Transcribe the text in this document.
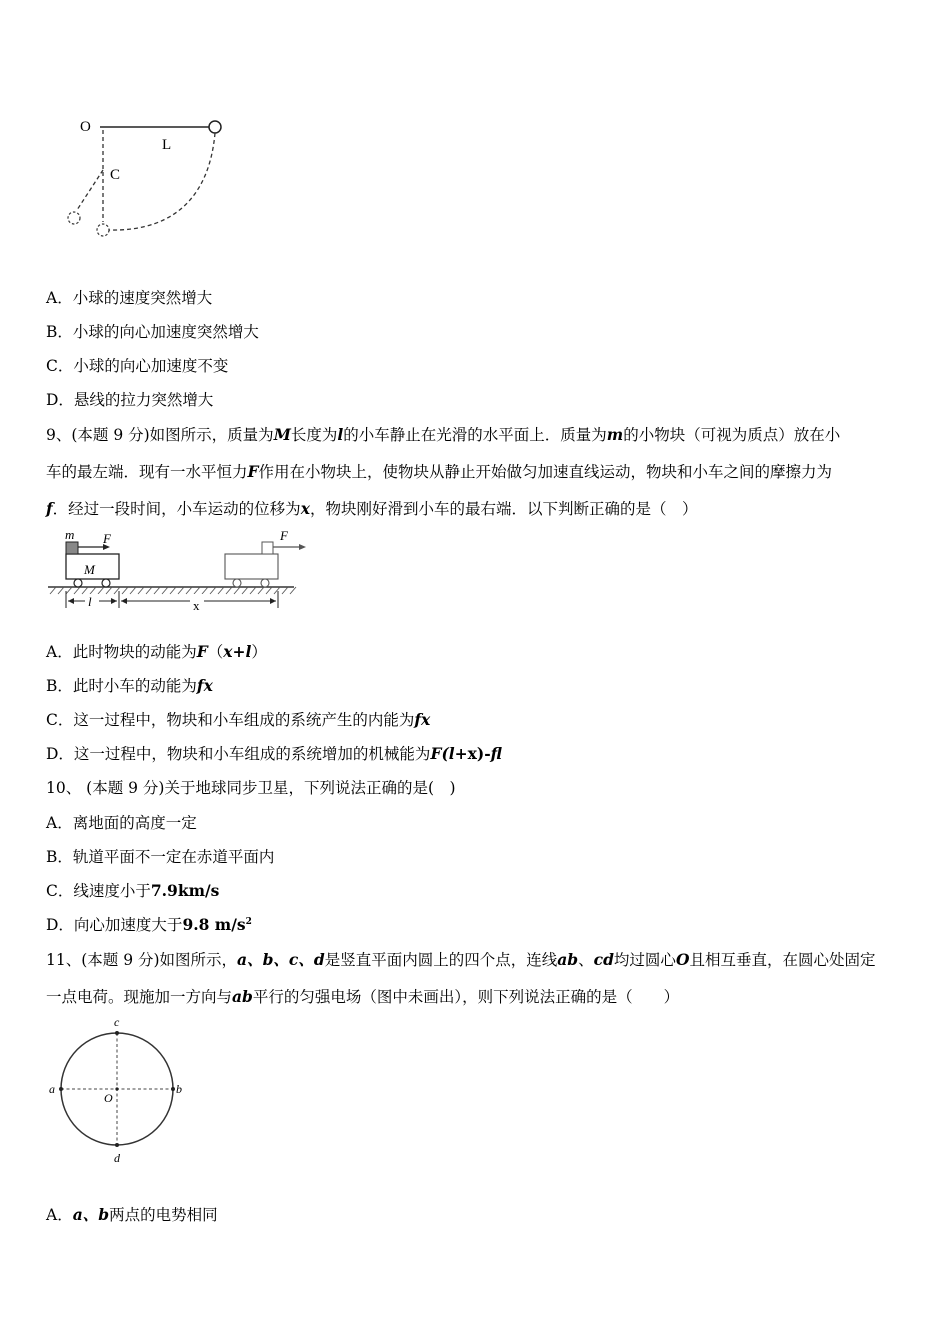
O
L
C
A．小球的速度突然增大
B．小球的向心加速度突然增大
C．小球的向心加速度不变
D．悬线的拉力突然增大
9、(本题 9 分)如图所示，质量为M长度为l的小车静止在光滑的水平面上．质量为m的小物块（可视为质点）放在小
车的最左端．现有一水平恒力F作用在小物块上，使物块从静止开始做匀加速直线运动，物块和小车之间的摩擦力为
f．经过一段时间，小车运动的位移为x，物块刚好滑到小车的最右端．以下判断正确的是（　）
m F
M
F
l	x
A．此时物块的动能为F（x+l）
B．此时小车的动能为fx
C．这一过程中，物块和小车组成的系统产生的内能为fx
D．这一过程中，物块和小车组成的系统增加的机械能为F(l+x)-fl
10、 (本题 9 分)关于地球同步卫星，下列说法正确的是(　)
A．离地面的高度一定
B．轨道平面不一定在赤道平面内
C．线速度小于7.9km/s
D．向心加速度大于9.8 $m/s^2$
11、(本题 9 分)如图所示，a、b、c、d是竖直平面内圆上的四个点，连线ab、cd均过圆心O且相互垂直，在圆心处固定
一点电荷。现施加一方向与ab平行的匀强电场（图中未画出），则下列说法正确的是（　　）
a	b
c
d
O
A．a、b两点的电势相同
